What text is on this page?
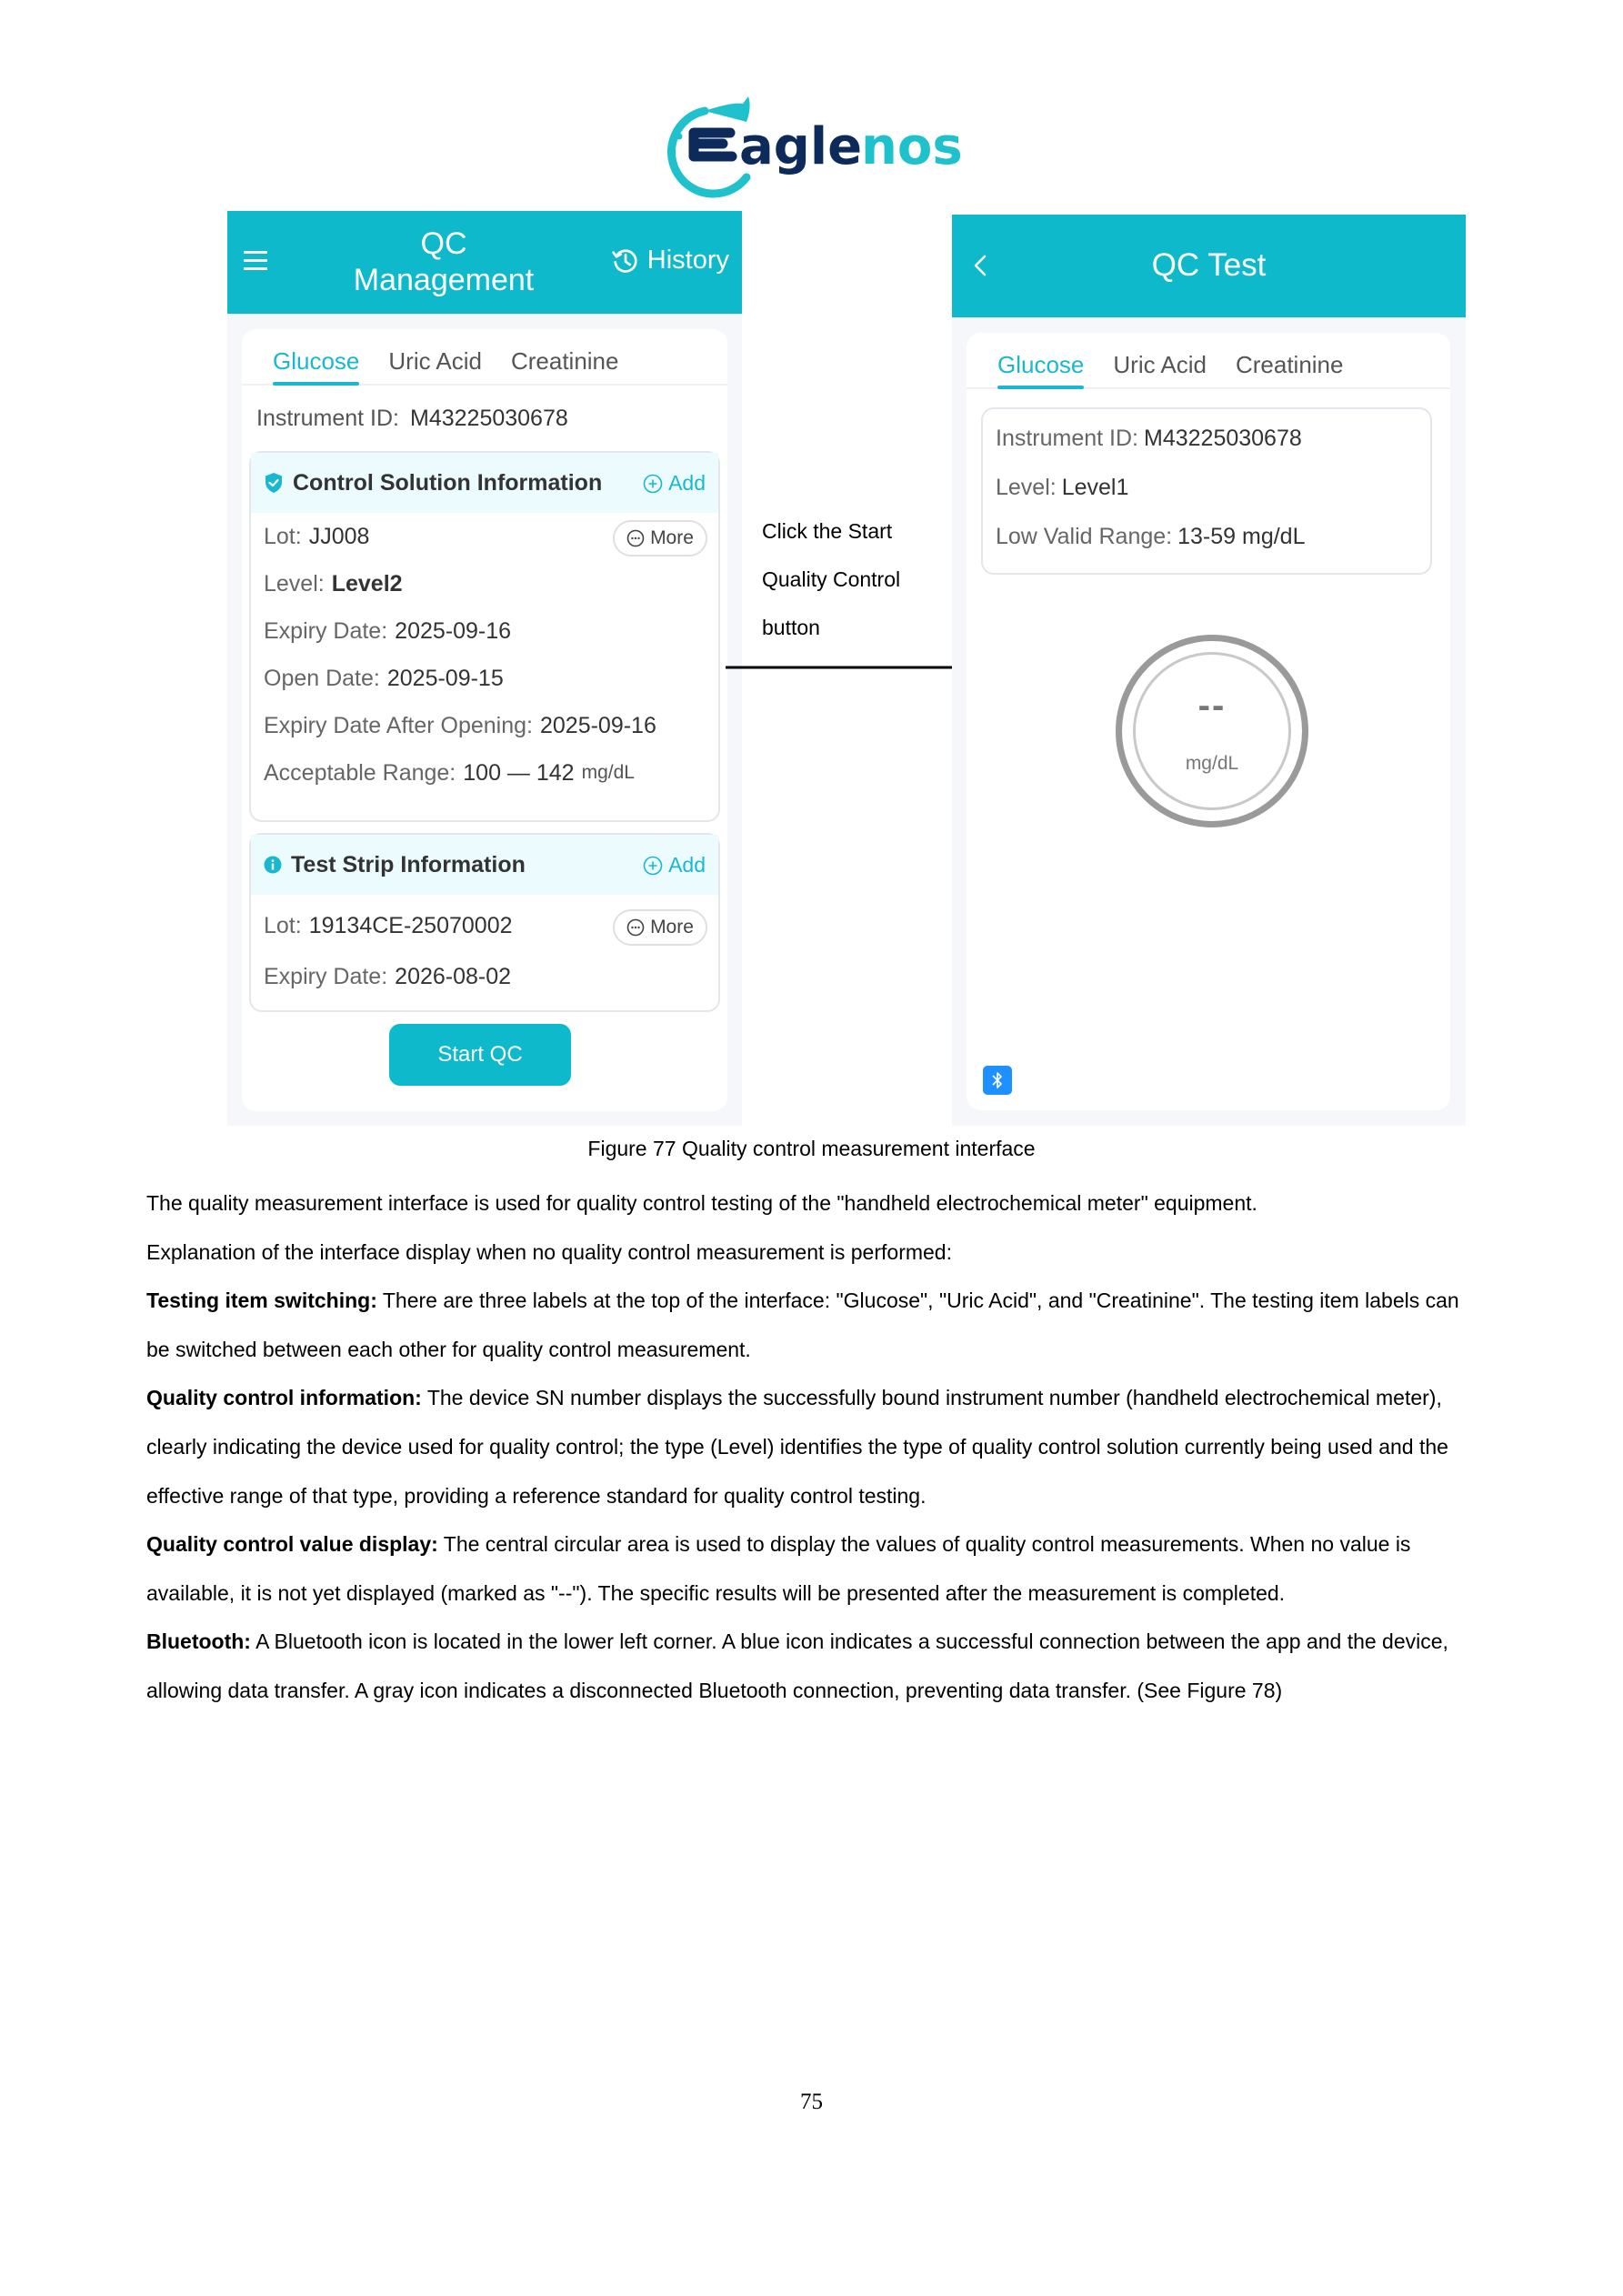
agle
nos
QC
Management
History
Glucose Uric Acid Creatinine
Instrument ID: M43225030678
Control Solution Information	Add
Lot: JJ008	More
Level: Level2
Expiry Date: 2025-09-16
Open Date: 2025-09-15
Expiry Date After Opening: 2025-09-16
Acceptable Range: 100 — 142 mg/dL
Test Strip Information	Add
Lot: 19134CE-25070002	More
Expiry Date: 2026-08-02
Start QC
Click the Start
Quality Control
button
QC Test
Glucose Uric Acid Creatinine
Instrument ID: M43225030678
Level: Level1
Low Valid Range: 13-59 mg/dL
--
mg/dL
Figure 77 Quality control measurement interface

The quality measurement interface is used for quality control testing of the "handheld electrochemical meter" equipment.

Explanation of the interface display when no quality control measurement is performed:

Testing item switching: There are three labels at the top of the interface: "Glucose", "Uric Acid", and "Creatinine". The testing item labels can be switched between each other for quality control measurement.

Quality control information: The device SN number displays the successfully bound instrument number (handheld electrochemical meter), clearly indicating the device used for quality control; the type (Level) identifies the type of quality control solution currently being used and the effective range of that type, providing a reference standard for quality control testing.

Quality control value display: The central circular area is used to display the values of quality control measurements. When no value is available, it is not yet displayed (marked as "--"). The specific results will be presented after the measurement is completed.

Bluetooth: A Bluetooth icon is located in the lower left corner. A blue icon indicates a successful connection between the app and the device, allowing data transfer. A gray icon indicates a disconnected Bluetooth connection, preventing data transfer. (See Figure 78)

75
